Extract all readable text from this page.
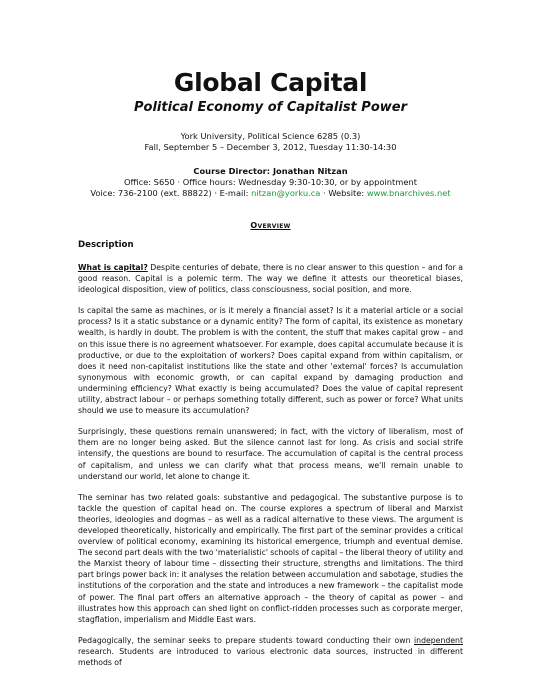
Global Capital
Political Economy of Capitalist Power
York University, Political Science 6285 (0.3)
Fall, September 5 – December 3, 2012, Tuesday 11:30-14:30
Course Director: Jonathan Nitzan
Office: S650 · Office hours: Wednesday 9:30-10:30, or by appointment
Voice: 736-2100 (ext. 88822) · E-mail: nitzan@yorku.ca · Website: www.bnarchives.net
Overview
Description

What is capital? Despite centuries of debate, there is no clear answer to this question – and for a good reason. Capital is a polemic term. The way we define it attests our theoretical biases, ideological disposition, view of politics, class consciousness, social position, and more.

Is capital the same as machines, or is it merely a financial asset? Is it a material article or a social process? Is it a static substance or a dynamic entity? The form of capital, its existence as monetary wealth, is hardly in doubt. The problem is with the content, the stuff that makes capital grow – and on this issue there is no agreement whatsoever. For example, does capital accumulate because it is productive, or due to the exploitation of workers? Does capital expand from within capitalism, or does it need non-capitalist institutions like the state and other 'external' forces? Is accumulation synonymous with economic growth, or can capital expand by damaging production and undermining efficiency? What exactly is being accumulated? Does the value of capital represent utility, abstract labour – or perhaps something totally different, such as power or force? What units should we use to measure its accumulation?

Surprisingly, these questions remain unanswered; in fact, with the victory of liberalism, most of them are no longer being asked. But the silence cannot last for long. As crisis and social strife intensify, the questions are bound to resurface. The accumulation of capital is the central process of capitalism, and unless we can clarify what that process means, we'll remain unable to understand our world, let alone to change it.

The seminar has two related goals: substantive and pedagogical. The substantive purpose is to tackle the question of capital head on. The course explores a spectrum of liberal and Marxist theories, ideologies and dogmas – as well as a radical alternative to these views. The argument is developed theoretically, historically and empirically. The first part of the seminar provides a critical overview of political economy, examining its historical emergence, triumph and eventual demise. The second part deals with the two 'materialistic' schools of capital – the liberal theory of utility and the Marxist theory of labour time – dissecting their structure, strengths and limitations. The third part brings power back in: it analyses the relation between accumulation and sabotage, studies the institutions of the corporation and the state and introduces a new framework – the capitalist mode of power. The final part offers an alternative approach – the theory of capital as power – and illustrates how this approach can shed light on conflict-ridden processes such as corporate merger, stagflation, imperialism and Middle East wars.

Pedagogically, the seminar seeks to prepare students toward conducting their own independent research. Students are introduced to various electronic data sources, instructed in different methods of
